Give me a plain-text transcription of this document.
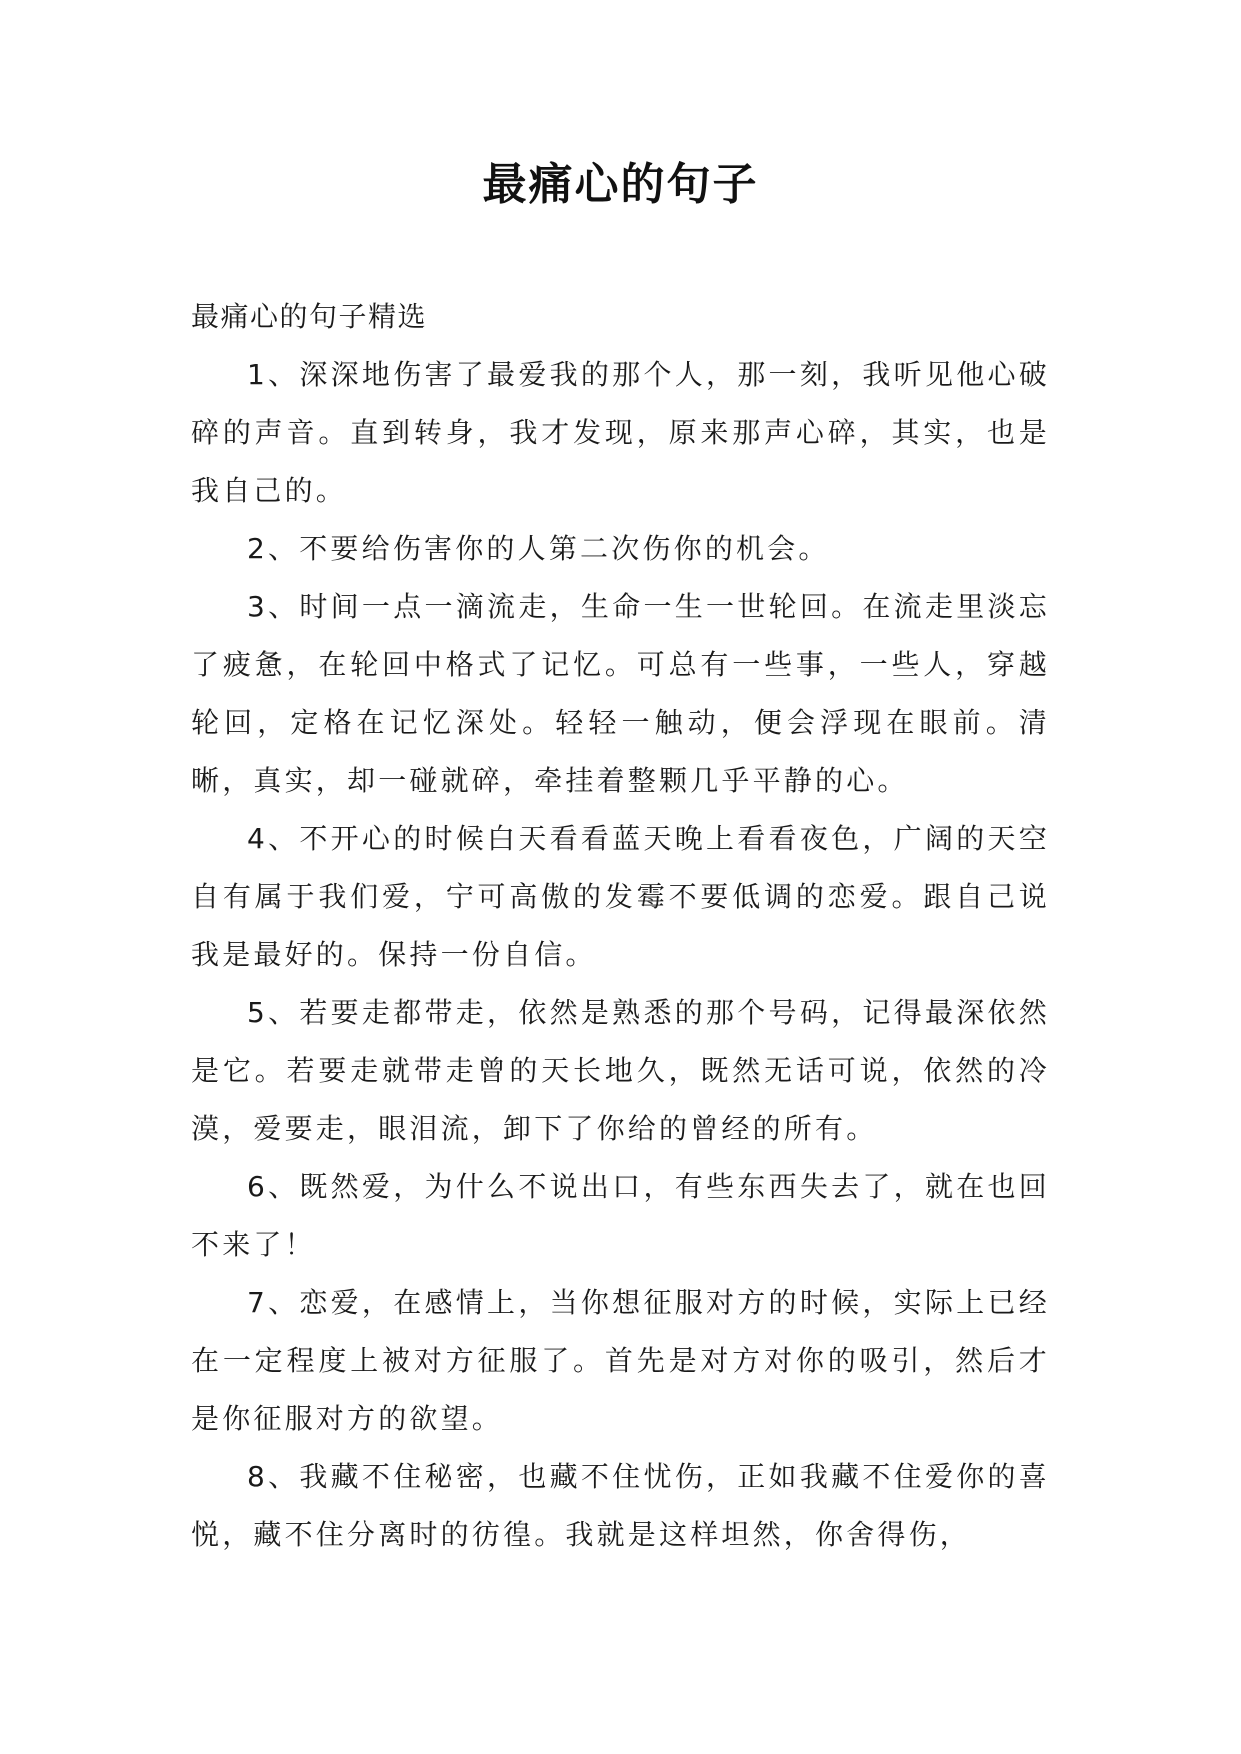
最痛心的句子

最痛心的句子精选

1、深深地伤害了最爱我的那个人，那一刻，我听见他心破碎的声音。直到转身，我才发现，原来那声心碎，其实，也是我自己的。

2、不要给伤害你的人第二次伤你的机会。

3、时间一点一滴流走，生命一生一世轮回。在流走里淡忘了疲惫，在轮回中格式了记忆。可总有一些事，一些人，穿越轮回，定格在记忆深处。轻轻一触动，便会浮现在眼前。清晰，真实，却一碰就碎，牵挂着整颗几乎平静的心。

4、不开心的时候白天看看蓝天晚上看看夜色，广阔的天空自有属于我们爱，宁可高傲的发霉不要低调的恋爱。跟自己说我是最好的。保持一份自信。

5、若要走都带走，依然是熟悉的那个号码，记得最深依然是它。若要走就带走曾的天长地久，既然无话可说，依然的冷漠，爱要走，眼泪流，卸下了你给的曾经的所有。

6、既然爱，为什么不说出口，有些东西失去了，就在也回不来了！

7、恋爱，在感情上，当你想征服对方的时候，实际上已经在一定程度上被对方征服了。首先是对方对你的吸引，然后才是你征服对方的欲望。

8、我藏不住秘密，也藏不住忧伤，正如我藏不住爱你的喜悦，藏不住分离时的彷徨。我就是这样坦然，你舍得伤，
